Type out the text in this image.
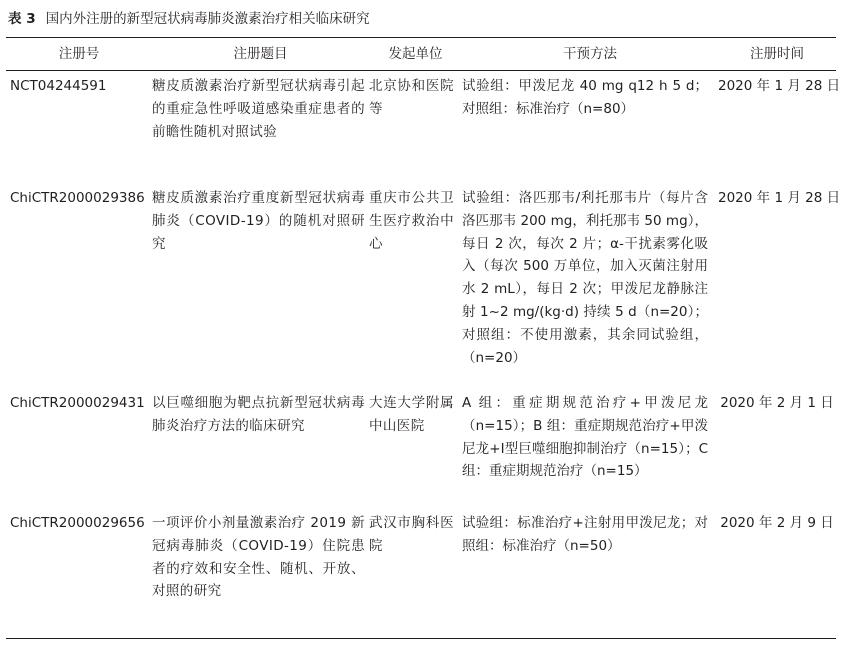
表 3 国内外注册的新型冠状病毒肺炎激素治疗相关临床研究
注册号	注册题目	发起单位	干预方法	注册时间
NCT04244591	糖皮质激素治疗新型冠状病毒引起的重症急性呼吸道感染重症患者的前瞻性随机对照试验	北京协和医院等	试验组：甲泼尼龙 40 mg q12 h 5 d；对照组：标准治疗（n=80）	2020 年 1 月 28 日
ChiCTR2000029386	糖皮质激素治疗重度新型冠状病毒肺炎（COVID-19）的随机对照研究	重庆市公共卫生医疗救治中心	试验组：洛匹那韦/利托那韦片（每片含洛匹那韦 200 mg，利托那韦 50 mg），每日 2 次，每次 2 片；α-干扰素雾化吸入（每次 500 万单位，加入灭菌注射用水 2 mL），每日 2 次；甲泼尼龙静脉注射 1~2 mg/(kg·d) 持续 5 d（n=20）；对照组：不使用激素，其余同试验组，（n=20）	2020 年 1 月 28 日
ChiCTR2000029431	以巨噬细胞为靶点抗新型冠状病毒肺炎治疗方法的临床研究	大连大学附属中山医院	A 组：重症期规范治疗+甲泼尼龙（n=15）；B 组：重症期规范治疗+甲泼尼龙+Ⅰ型巨噬细胞抑制治疗（n=15）；C 组：重症期规范治疗（n=15）	2020 年 2 月 1 日
ChiCTR2000029656	一项评价小剂量激素治疗 2019 新冠病毒肺炎（COVID-19）住院患者的疗效和安全性、随机、开放、对照的研究	武汉市胸科医院	试验组：标准治疗+注射用甲泼尼龙；对照组：标准治疗（n=50）	2020 年 2 月 9 日
